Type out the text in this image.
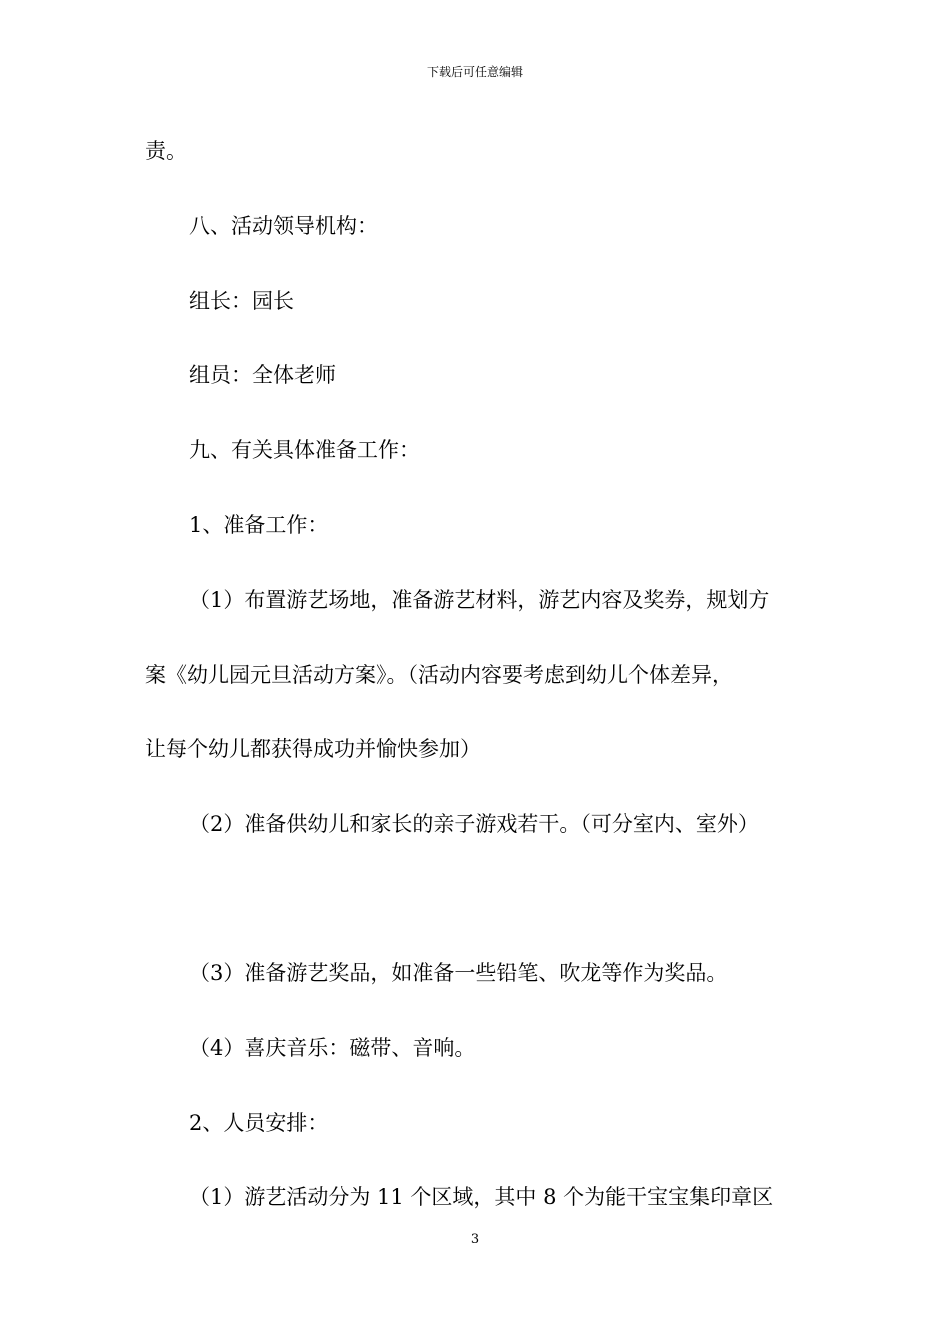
下载后可任意编辑
责。
八、活动领导机构：
组长：园长
组员：全体老师
九、有关具体准备工作：
1、准备工作：
（1）布置游艺场地，准备游艺材料，游艺内容及奖券，规划方
案《幼儿园元旦活动方案》。（活动内容要考虑到幼儿个体差异，
让每个幼儿都获得成功并愉快参加）
（2）准备供幼儿和家长的亲子游戏若干。（可分室内、室外）
（3）准备游艺奖品，如准备一些铅笔、吹龙等作为奖品。
（4）喜庆音乐：磁带、音响。
2、人员安排：
（1）游艺活动分为 11 个区域，其中 8 个为能干宝宝集印章区
3
